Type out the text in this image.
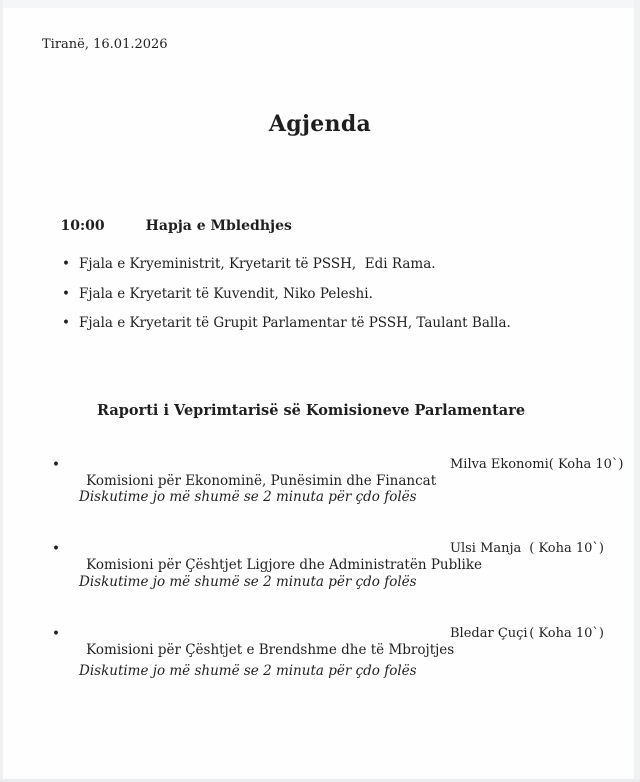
Tiranë, 16.01.2026
Agjenda

10:00	Hapja e Mbledhjes

• Fjala e Kryeministrit, Kryetarit të PSSH,  Edi Rama.
• Fjala e Kryetarit të Kuvendit, Niko Peleshi.
• Fjala e Kryetarit të Grupit Parlamentar të PSSH, Taulant Balla.
Raporti i Veprimtarisë së Komisioneve Parlamentare

• Komisioni për Ekonominë, Punësimin dhe Financat

Milva Ekonomi ( Koha 10`)

Diskutime jo më shumë se 2 minuta për çdo folës

• Komisioni për Çështjet Ligjore dhe Administratën Publike

Ulsi Manja ( Koha 10`)

Diskutime jo më shumë se 2 minuta për çdo folës

• Komisioni për Çështjet e Brendshme dhe të Mbrojtjes

Bledar Çuçi ( Koha 10`)

Diskutime jo më shumë se 2 minuta për çdo folës
